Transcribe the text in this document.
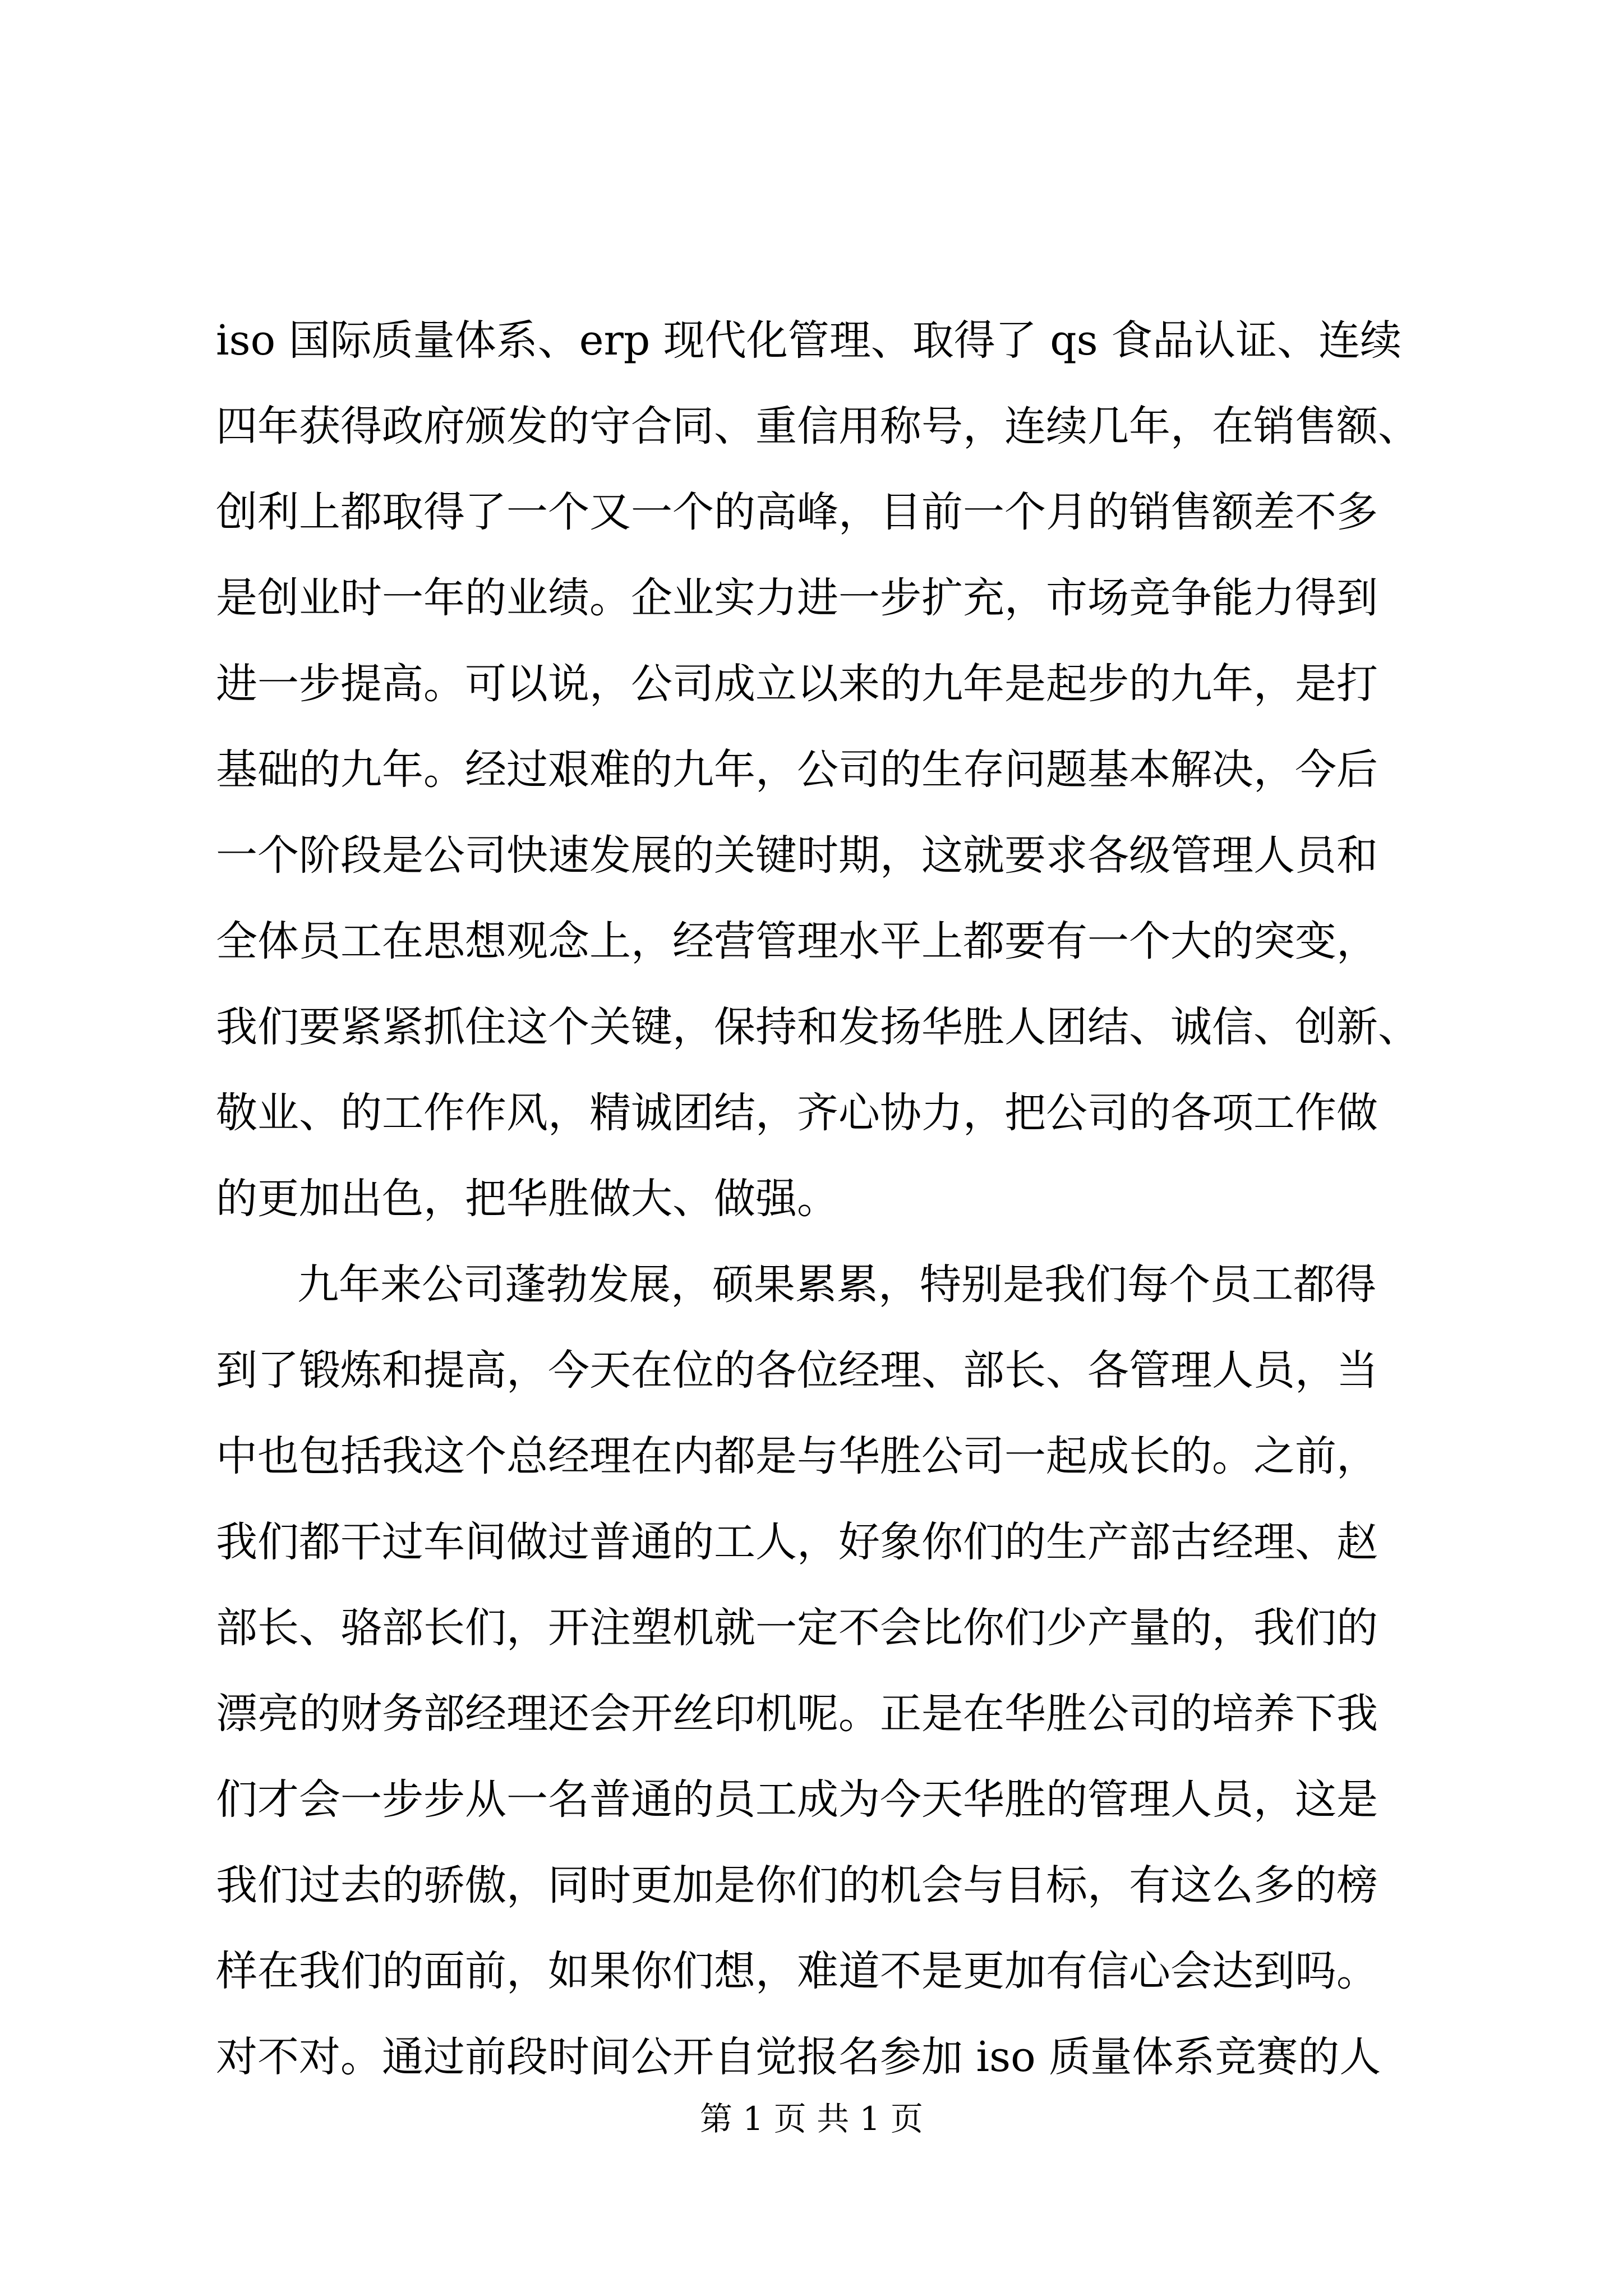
iso 国际质量体系、erp 现代化管理、取得了 qs 食品认证、连续
四年获得政府颁发的守合同、重信用称号，连续几年，在销售额、
创利上都取得了一个又一个的高峰，目前一个月的销售额差不多
是创业时一年的业绩。企业实力进一步扩充，市场竞争能力得到
进一步提高。可以说，公司成立以来的九年是起步的九年，是打
基础的九年。经过艰难的九年，公司的生存问题基本解决，今后
一个阶段是公司快速发展的关键时期，这就要求各级管理人员和
全体员工在思想观念上，经营管理水平上都要有一个大的突变，
我们要紧紧抓住这个关键，保持和发扬华胜人团结、诚信、创新、
敬业、的工作作风，精诚团结，齐心协力，把公司的各项工作做
的更加出色，把华胜做大、做强。
九年来公司蓬勃发展，硕果累累，特别是我们每个员工都得
到了锻炼和提高，今天在位的各位经理、部长、各管理人员，当
中也包括我这个总经理在内都是与华胜公司一起成长的。之前，
我们都干过车间做过普通的工人，好象你们的生产部古经理、赵
部长、骆部长们，开注塑机就一定不会比你们少产量的，我们的
漂亮的财务部经理还会开丝印机呢。正是在华胜公司的培养下我
们才会一步步从一名普通的员工成为今天华胜的管理人员，这是
我们过去的骄傲，同时更加是你们的机会与目标，有这么多的榜
样在我们的面前，如果你们想，难道不是更加有信心会达到吗。
对不对。通过前段时间公开自觉报名参加 iso 质量体系竞赛的人
第 1 页 共 1 页
